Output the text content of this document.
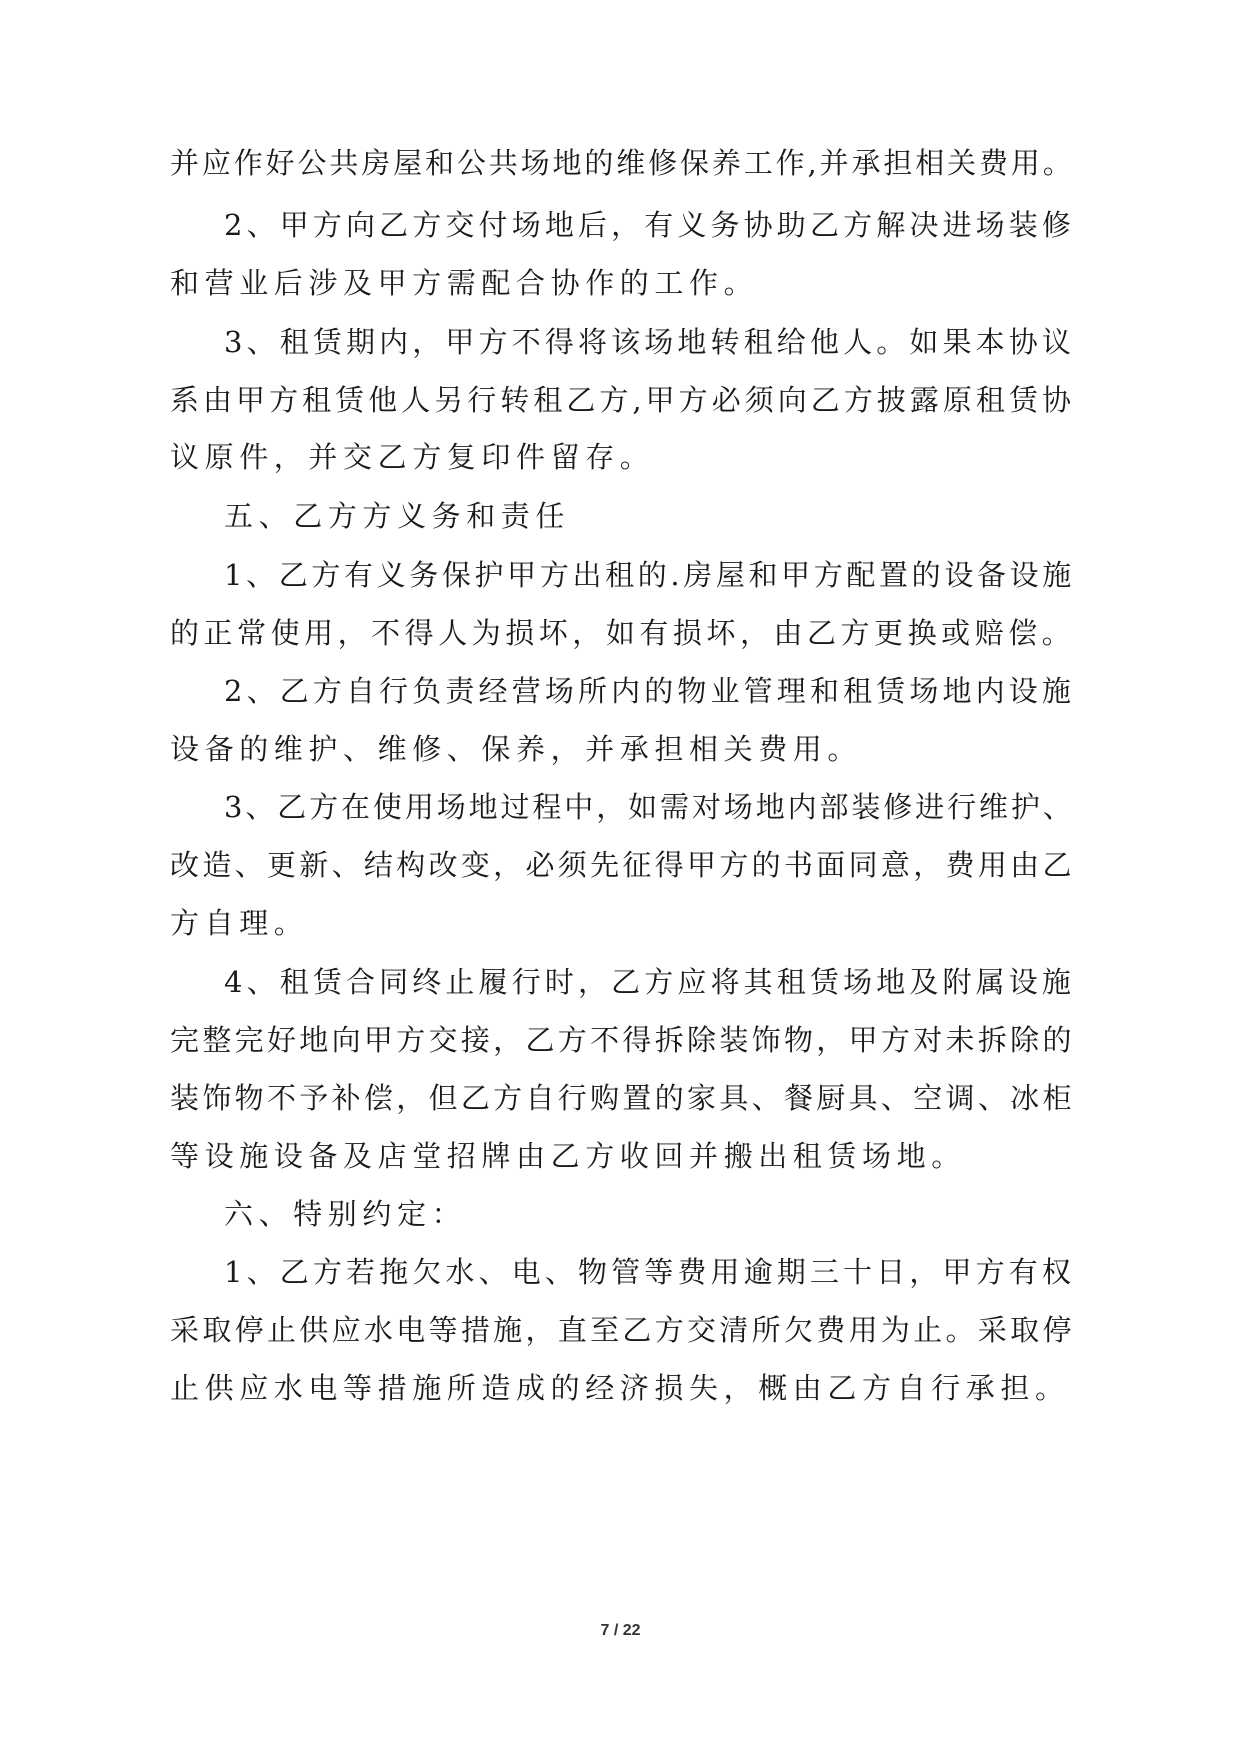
并应作好公共房屋和公共场地的维修保养工作,并承担相关费用。
2、甲方向乙方交付场地后，有义务协助乙方解决进场装修
和营业后涉及甲方需配合协作的工作。
3、租赁期内，甲方不得将该场地转租给他人。如果本协议
系由甲方租赁他人另行转租乙方,甲方必须向乙方披露原租赁协
议原件，并交乙方复印件留存。
五、乙方方义务和责任
1、乙方有义务保护甲方出租的.房屋和甲方配置的设备设施
的正常使用，不得人为损坏，如有损坏，由乙方更换或赔偿。
2、乙方自行负责经营场所内的物业管理和租赁场地内设施
设备的维护、维修、保养，并承担相关费用。
3、乙方在使用场地过程中，如需对场地内部装修进行维护、
改造、更新、结构改变，必须先征得甲方的书面同意，费用由乙
方自理。
4、租赁合同终止履行时，乙方应将其租赁场地及附属设施
完整完好地向甲方交接，乙方不得拆除装饰物，甲方对未拆除的
装饰物不予补偿，但乙方自行购置的家具、餐厨具、空调、冰柜
等设施设备及店堂招牌由乙方收回并搬出租赁场地。
六、特别约定：
1、乙方若拖欠水、电、物管等费用逾期三十日，甲方有权
采取停止供应水电等措施，直至乙方交清所欠费用为止。采取停
止供应水电等措施所造成的经济损失，概由乙方自行承担。
7 / 22
